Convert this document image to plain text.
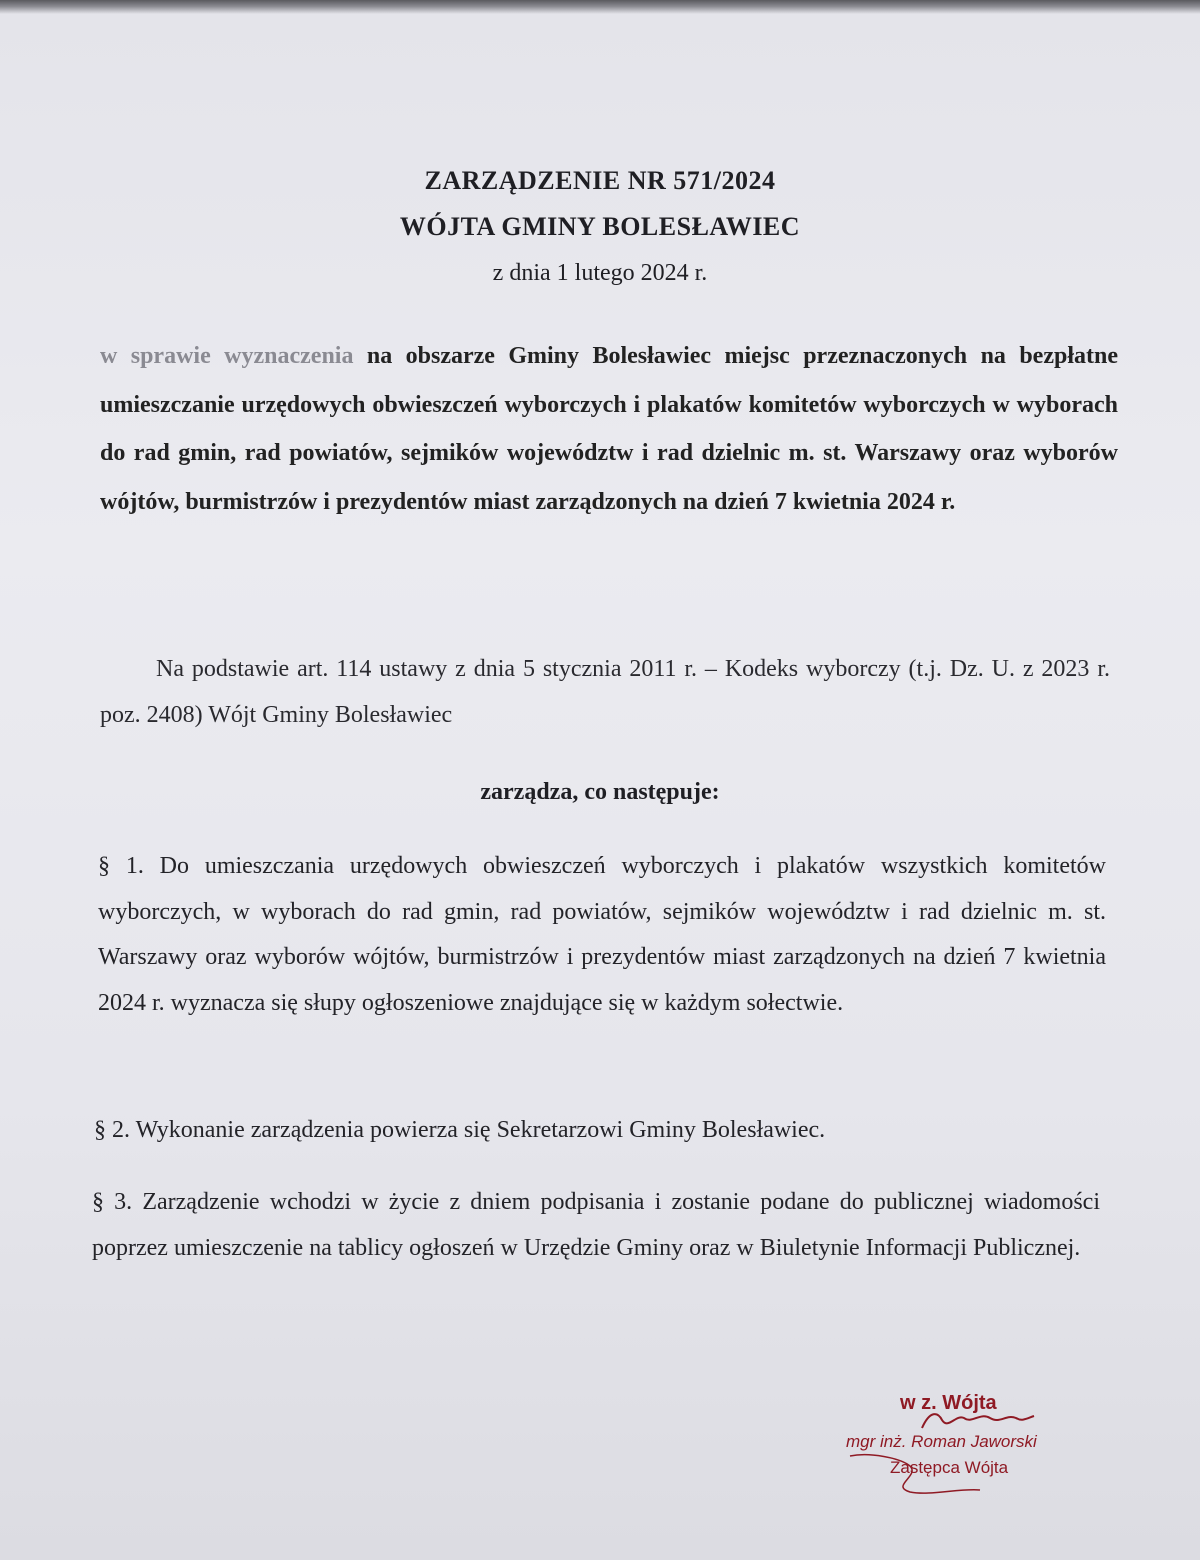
ZARZĄDZENIE NR 571/2024

WÓJTA GMINY BOLESŁAWIEC

z dnia 1 lutego 2024 r.

w sprawie wyznaczenia na obszarze Gminy Bolesławiec miejsc przeznaczonych na bezpłatne umieszczanie urzędowych obwieszczeń wyborczych i plakatów komitetów wyborczych w wyborach do rad gmin, rad powiatów, sejmików województw i rad dzielnic m. st. Warszawy oraz wyborów wójtów, burmistrzów i prezydentów miast zarządzonych na dzień 7 kwietnia 2024 r.
Na podstawie art. 114 ustawy z dnia 5 stycznia 2011 r. – Kodeks wyborczy (t.j. Dz. U. z 2023 r. poz. 2408) Wójt Gminy Bolesławiec
zarządza, co następuje:
§ 1. Do umieszczania urzędowych obwieszczeń wyborczych i plakatów wszystkich komitetów wyborczych, w wyborach do rad gmin, rad powiatów, sejmików województw i rad dzielnic m. st. Warszawy oraz wyborów wójtów, burmistrzów i prezydentów miast zarządzonych na dzień 7 kwietnia 2024 r. wyznacza się słupy ogłoszeniowe znajdujące się w każdym sołectwie.
§ 2. Wykonanie zarządzenia powierza się Sekretarzowi Gminy Bolesławiec.
§ 3. Zarządzenie wchodzi w życie z dniem podpisania i zostanie podane do publicznej wiadomości poprzez umieszczenie na tablicy ogłoszeń w Urzędzie Gminy oraz w Biuletynie Informacji Publicznej.
w z. Wójta
mgr inż. Roman Jaworski
Zastępca Wójta
